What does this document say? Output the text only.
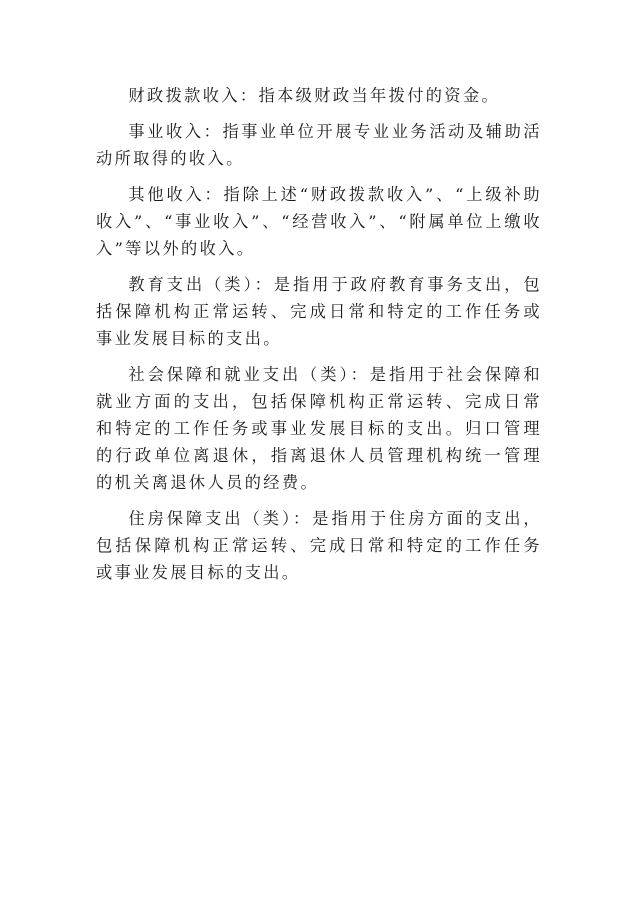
财政拨款收入：指本级财政当年拨付的资金。

事业收入：指事业单位开展专业业务活动及辅助活动所取得的收入。

其他收入：指除上述“财政拨款收入”、“上级补助收入”、“事业收入”、“经营收入”、“附属单位上缴收入”等以外的收入。

教育支出（类）：是指用于政府教育事务支出，包括保障机构正常运转、完成日常和特定的工作任务或事业发展目标的支出。

社会保障和就业支出（类）：是指用于社会保障和就业方面的支出，包括保障机构正常运转、完成日常和特定的工作任务或事业发展目标的支出。归口管理的行政单位离退休，指离退休人员管理机构统一管理的机关离退休人员的经费。

住房保障支出（类）：是指用于住房方面的支出，包括保障机构正常运转、完成日常和特定的工作任务或事业发展目标的支出。
